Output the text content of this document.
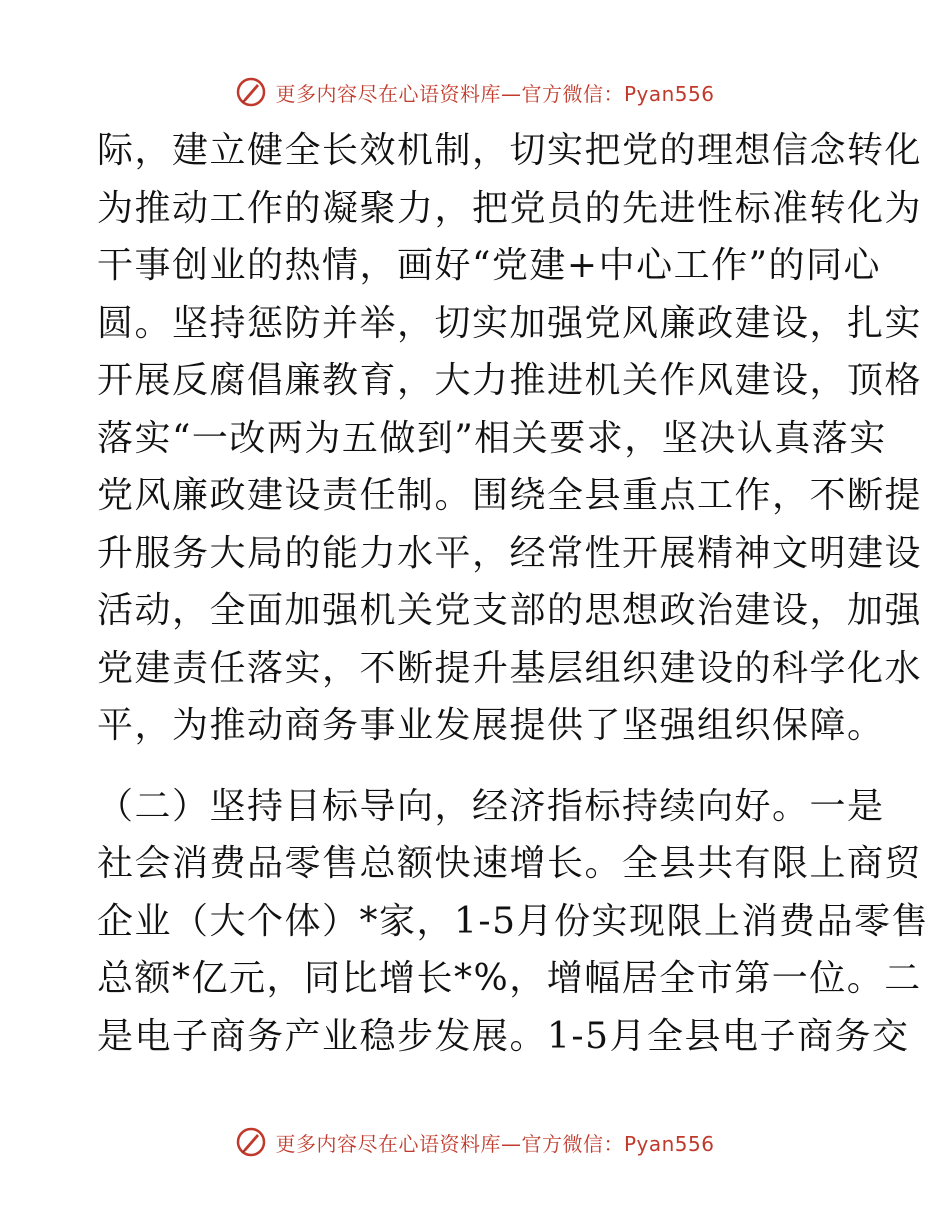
更多内容尽在心语资料库—官方微信：Pyan556

际，建立健全长效机制，切实把党的理想信念转化

为推动工作的凝聚力，把党员的先进性标准转化为

干事创业的热情，画好“党建+中心工作”的同心

圆。坚持惩防并举，切实加强党风廉政建设，扎实

开展反腐倡廉教育，大力推进机关作风建设，顶格

落实“一改两为五做到”相关要求，坚决认真落实

党风廉政建设责任制。围绕全县重点工作，不断提

升服务大局的能力水平，经常性开展精神文明建设

活动，全面加强机关党支部的思想政治建设，加强

党建责任落实，不断提升基层组织建设的科学化水

平，为推动商务事业发展提供了坚强组织保障。

（二）坚持目标导向，经济指标持续向好。一是

社会消费品零售总额快速增长。全县共有限上商贸

企业（大个体）*家，1-5月份实现限上消费品零售

总额*亿元，同比增长*%，增幅居全市第一位。二

是电子商务产业稳步发展。1-5月全县电子商务交

更多内容尽在心语资料库—官方微信：Pyan556
